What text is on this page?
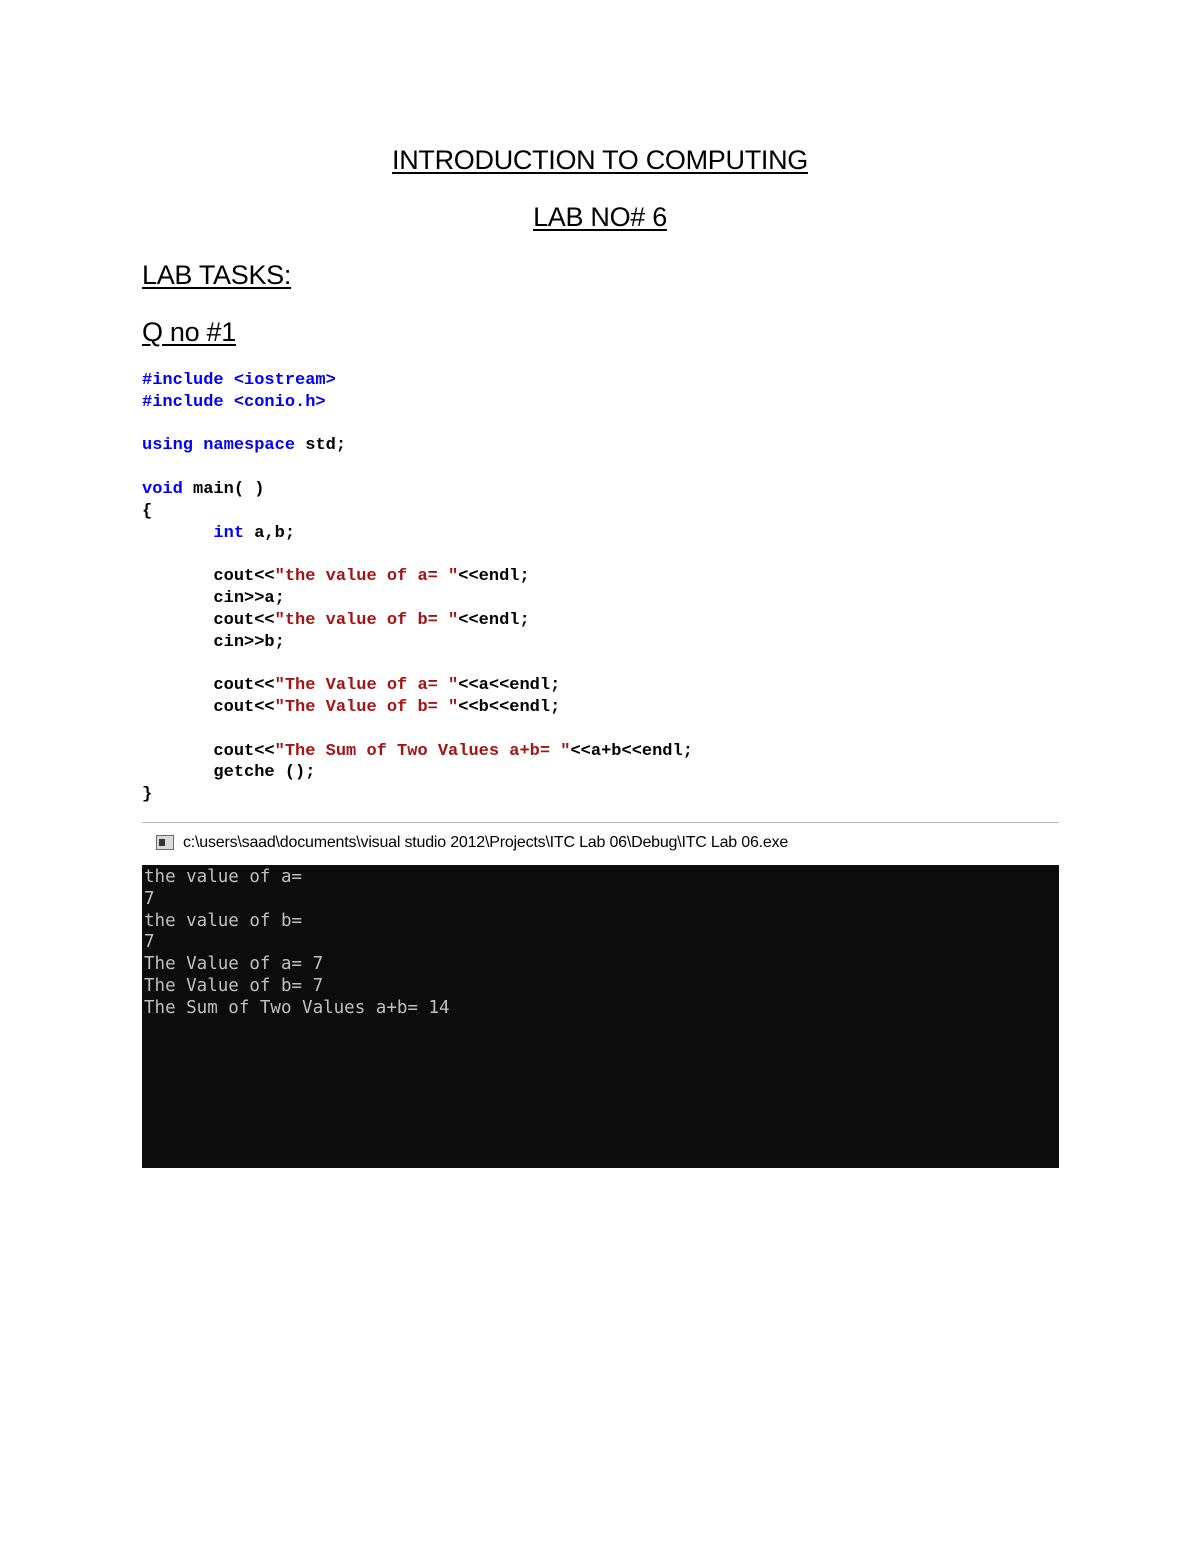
INTRODUCTION TO COMPUTING
LAB NO# 6
LAB TASKS:
Q no #1
#include <iostream>
#include <conio.h>
using namespace std;
void main( )
{
int a,b;
cout<<"the value of a= "<<endl;
cin>>a;
cout<<"the value of b= "<<endl;
cin>>b;
cout<<"The Value of a= "<<a<<endl;
cout<<"The Value of b= "<<b<<endl;
cout<<"The Sum of Two Values a+b= "<<a+b<<endl;
getche ();
}
c:\users\saad\documents\visual studio 2012\Projects\ITC Lab 06\Debug\ITC Lab 06.exe
the value of a=
7
the value of b=
7
The Value of a= 7
The Value of b= 7
The Sum of Two Values a+b= 14
